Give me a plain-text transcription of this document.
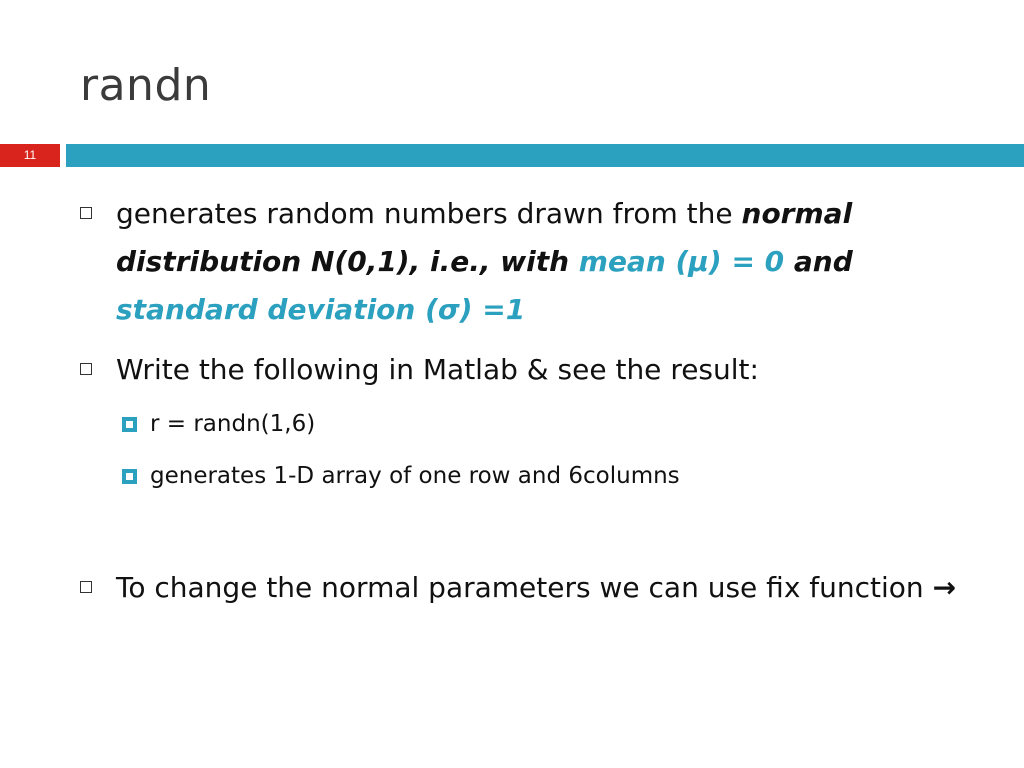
randn
11
generates random numbers drawn from the normal distribution N(0,1), i.e., with mean (μ) = 0 and standard deviation (σ) =1
Write the following in Matlab & see the result:
r = randn(1,6)
generates 1-D array of one row and 6columns
To change the normal parameters we can use fix function →
